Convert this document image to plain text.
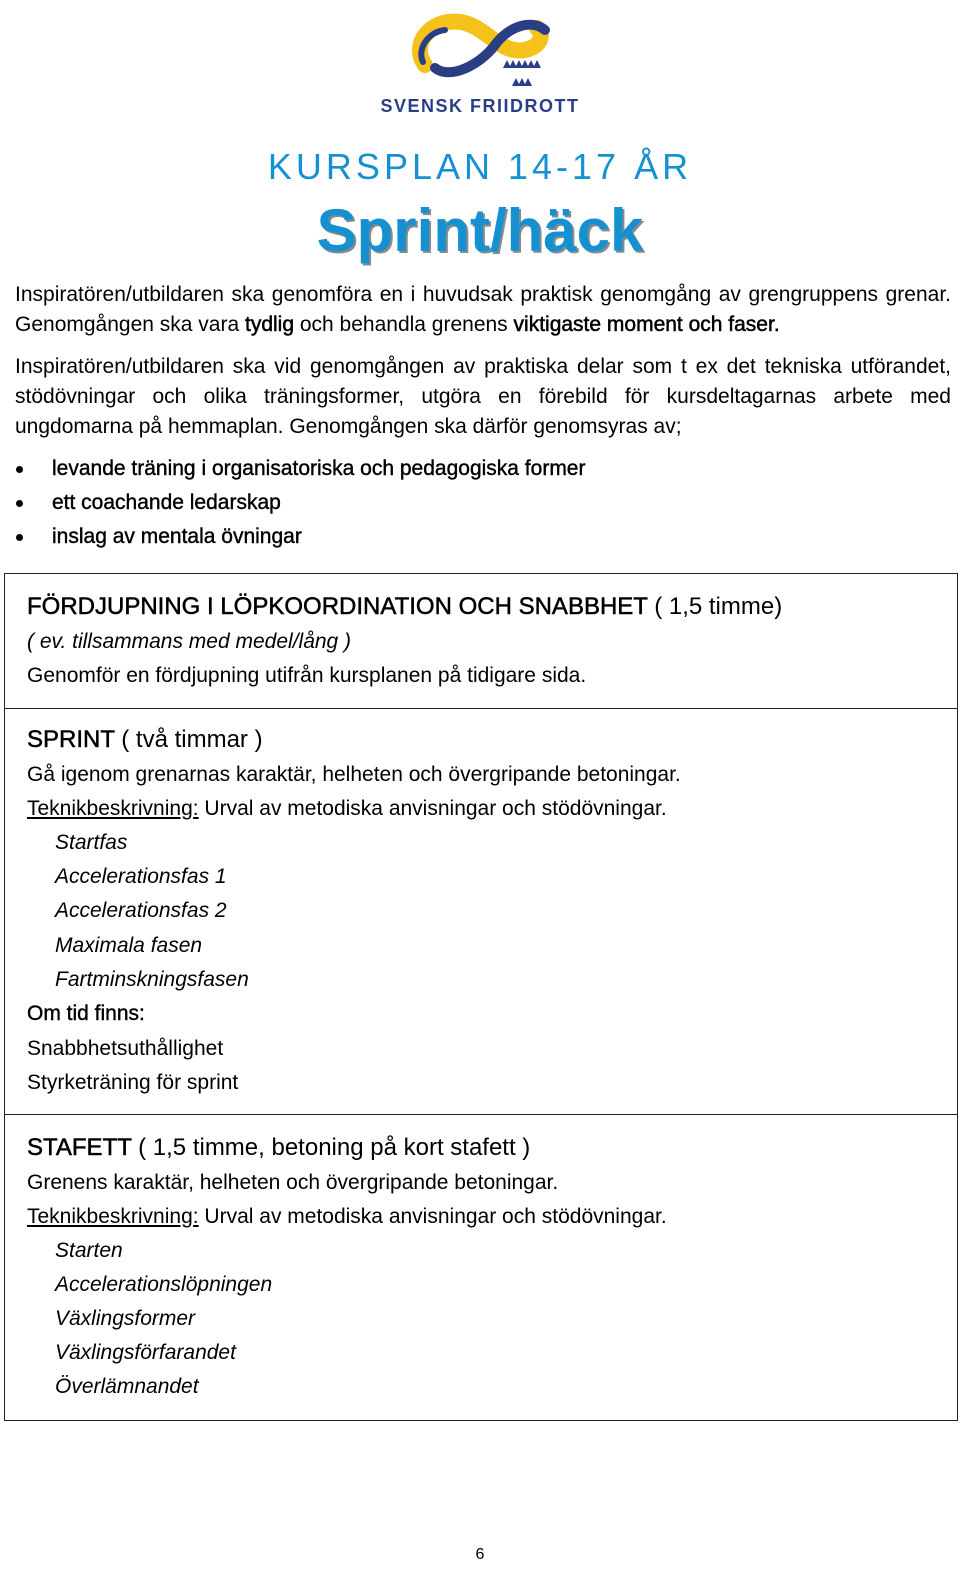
SVENSK FRIIDROTT
KURSPLAN 14-17 ÅR
Sprint/häck
Inspiratören/utbildaren ska genomföra en i huvudsak praktisk genomgång av grengruppens grenar. Genomgången ska vara tydlig och behandla grenens viktigaste moment och faser.
Inspiratören/utbildaren ska vid genomgången av praktiska delar som t ex det tekniska utförandet, stödövningar och olika träningsformer, utgöra en förebild för kursdeltagarnas arbete med ungdomarna på hemmaplan. Genomgången ska därför genomsyras av;
levande träning i organisatoriska och pedagogiska former
ett coachande ledarskap
inslag av mentala övningar
FÖRDJUPNING I LÖPKOORDINATION OCH SNABBHET ( 1,5 timme)
( ev. tillsammans med medel/lång )
Genomför en fördjupning utifrån kursplanen på tidigare sida.
SPRINT ( två timmar )
Gå igenom grenarnas karaktär, helheten och övergripande betoningar.
Teknikbeskrivning: Urval av metodiska anvisningar och stödövningar.
Startfas
Accelerationsfas 1
Accelerationsfas 2
Maximala fasen
Fartminskningsfasen
Om tid finns:
Snabbhetsuthållighet
Styrketräning för sprint
STAFETT ( 1,5 timme, betoning på kort stafett )
Grenens karaktär, helheten och övergripande betoningar.
Teknikbeskrivning: Urval av metodiska anvisningar och stödövningar.
Starten
Accelerationslöpningen
Växlingsformer
Växlingsförfarandet
Överlämnandet
6
